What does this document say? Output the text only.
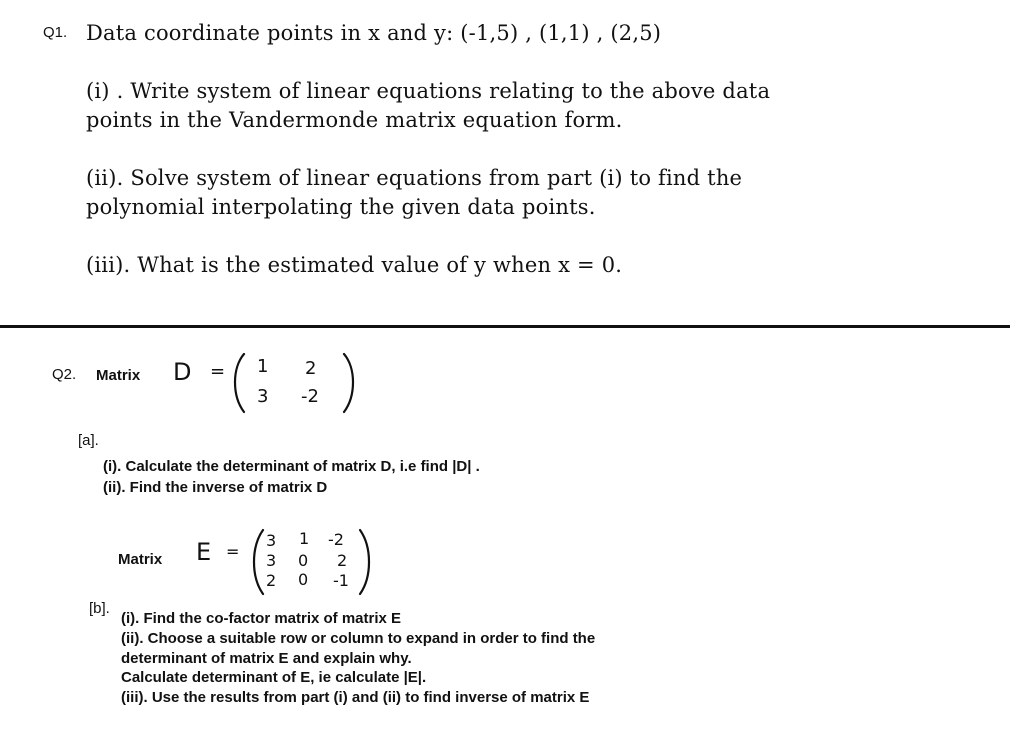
Q1. Data coordinate points in x and y: (-1,5) , (1,1) , (2,5)
(i) . Write system of linear equations relating to the above data
points in the Vandermonde matrix equation form.
(ii). Solve system of linear equations from part (i) to find the
polynomial interpolating the given data points.
(iii). What is the estimated value of y when x = 0.
Q2. Matrix D = 1 2
3 -2
[a].
(i). Calculate the determinant of matrix D, i.e find |D| .
(ii). Find the inverse of matrix D
Matrix E =
3 1 -2
3 0 2
2 0 -1
[b].
(i). Find the co-factor matrix of matrix E
(ii). Choose a suitable row or column to expand in order to find the
determinant of matrix E and explain why.
Calculate determinant of E, ie calculate |E|.
(iii). Use the results from part (i) and (ii) to find inverse of matrix E
